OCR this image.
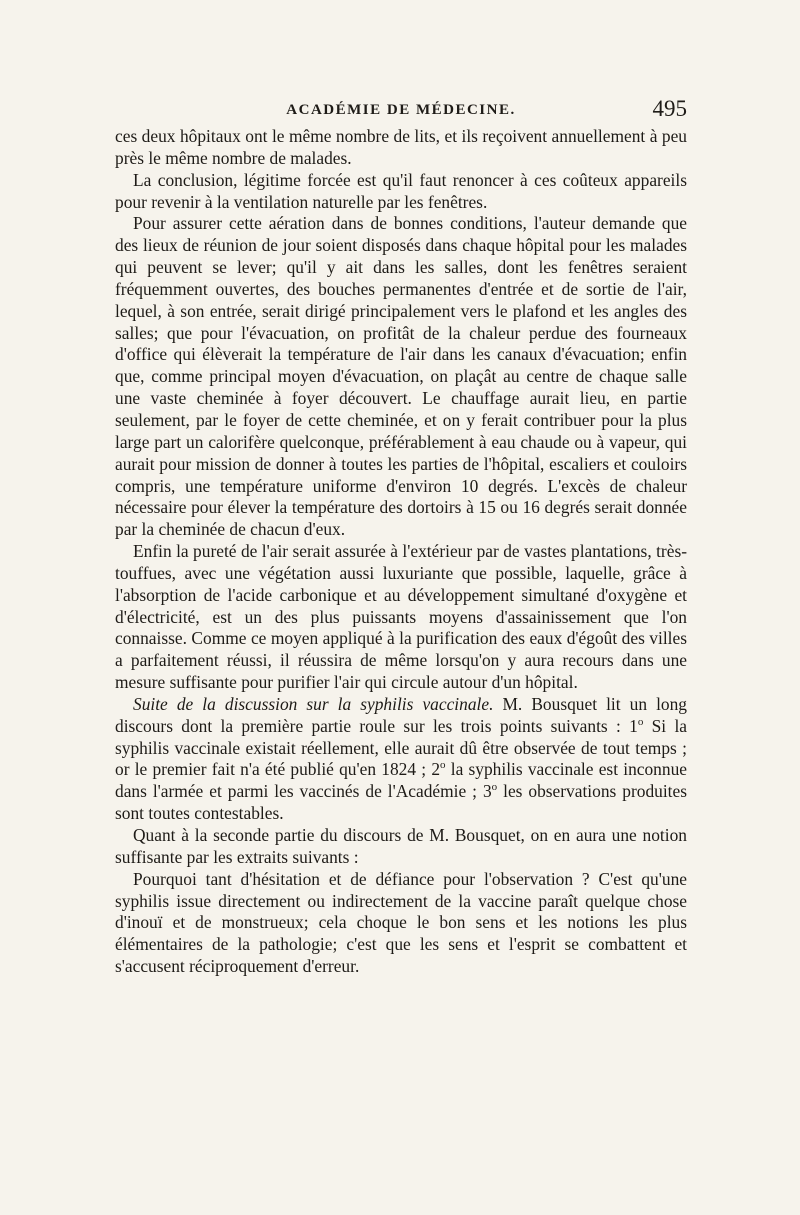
ACADÉMIE DE MÉDECINE.	495

ces deux hôpitaux ont le même nombre de lits, et ils reçoivent annuellement à peu près le même nombre de malades.

La conclusion, légitime forcée est qu'il faut renoncer à ces coûteux appareils pour revenir à la ventilation naturelle par les fenêtres.

Pour assurer cette aération dans de bonnes conditions, l'auteur demande que des lieux de réunion de jour soient disposés dans chaque hôpital pour les malades qui peuvent se lever; qu'il y ait dans les salles, dont les fenêtres seraient fréquemment ouvertes, des bouches permanentes d'entrée et de sortie de l'air, lequel, à son entrée, serait dirigé principalement vers le plafond et les angles des salles; que pour l'évacuation, on profitât de la chaleur perdue des fourneaux d'office qui élèverait la température de l'air dans les canaux d'évacuation; enfin que, comme principal moyen d'évacuation, on plaçât au centre de chaque salle une vaste cheminée à foyer découvert. Le chauffage aurait lieu, en partie seulement, par le foyer de cette cheminée, et on y ferait contribuer pour la plus large part un calorifère quelconque, préférablement à eau chaude ou à vapeur, qui aurait pour mission de donner à toutes les parties de l'hôpital, escaliers et couloirs compris, une température uniforme d'environ 10 degrés. L'excès de chaleur nécessaire pour élever la température des dortoirs à 15 ou 16 degrés serait donnée par la cheminée de chacun d'eux.

Enfin la pureté de l'air serait assurée à l'extérieur par de vastes plantations, très-touffues, avec une végétation aussi luxuriante que possible, laquelle, grâce à l'absorption de l'acide carbonique et au développement simultané d'oxygène et d'électricité, est un des plus puissants moyens d'assainissement que l'on connaisse. Comme ce moyen appliqué à la purification des eaux d'égoût des villes a parfaitement réussi, il réussira de même lorsqu'on y aura recours dans une mesure suffisante pour purifier l'air qui circule autour d'un hôpital.

Suite de la discussion sur la syphilis vaccinale. M. Bousquet lit un long discours dont la première partie roule sur les trois points suivants : 1$^o$ Si la syphilis vaccinale existait réellement, elle aurait dû être observée de tout temps ; or le premier fait n'a été publié qu'en 1824 ; 2$^o$ la syphilis vaccinale est inconnue dans l'armée et parmi les vaccinés de l'Académie ; 3$^o$ les observations produites sont toutes contestables.

Quant à la seconde partie du discours de M. Bousquet, on en aura une notion suffisante par les extraits suivants :

Pourquoi tant d'hésitation et de défiance pour l'observation ? C'est qu'une syphilis issue directement ou indirectement de la vaccine paraît quelque chose d'inouï et de monstrueux; cela choque le bon sens et les notions les plus élémentaires de la pathologie; c'est que les sens et l'esprit se combattent et s'accusent réciproquement d'erreur.
